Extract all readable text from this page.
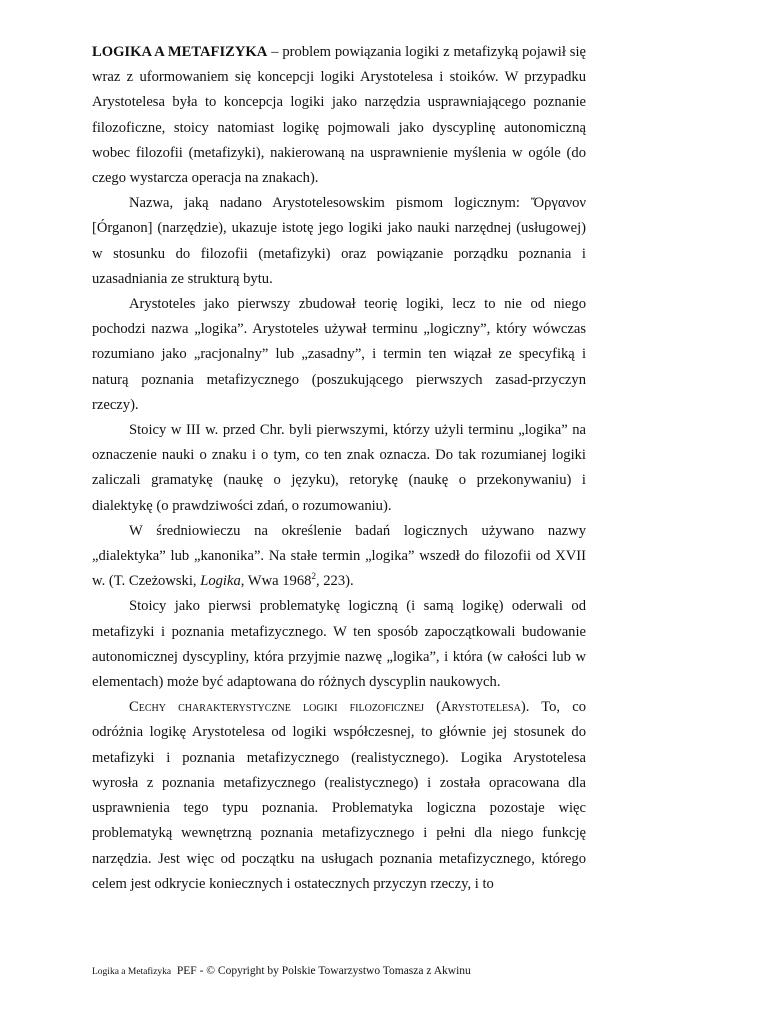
LOGIKA A METAFIZYKA – problem powiązania logiki z metafizyką pojawił się wraz z uformowaniem się koncepcji logiki Arystotelesa i stoików. W przypadku Arystotelesa była to koncepcja logiki jako narzędzia usprawniającego poznanie filozoficzne, stoicy natomiast logikę pojmowali jako dyscyplinę autonomiczną wobec filozofii (metafizyki), nakierowaną na usprawnienie myślenia w ogóle (do czego wystarcza operacja na znakach).

Nazwa, jaką nadano Arystotelesowskim pismom logicznym: Ὄργανον [Órganon] (narzędzie), ukazuje istotę jego logiki jako nauki narzędnej (usługowej) w stosunku do filozofii (metafizyki) oraz powiązanie porządku poznania i uzasadniania ze strukturą bytu.

Arystoteles jako pierwszy zbudował teorię logiki, lecz to nie od niego pochodzi nazwa „logika”. Arystoteles używał terminu „logiczny”, który wówczas rozumiano jako „racjonalny” lub „zasadny”, i termin ten wiązał ze specyfiką i naturą poznania metafizycznego (poszukującego pierwszych zasad-przyczyn rzeczy).

Stoicy w III w. przed Chr. byli pierwszymi, którzy użyli terminu „logika” na oznaczenie nauki o znaku i o tym, co ten znak oznacza. Do tak rozumianej logiki zaliczali gramatykę (naukę o języku), retorykę (naukę o przekonywaniu) i dialektykę (o prawdziwości zdań, o rozumowaniu).

W średniowieczu na określenie badań logicznych używano nazwy „dialektyka” lub „kanonika”. Na stałe termin „logika” wszedł do filozofii od XVII w. (T. Czeżowski, Logika, Wwa 1968$^2$, 223).

Stoicy jako pierwsi problematykę logiczną (i samą logikę) oderwali od metafizyki i poznania metafizycznego. W ten sposób zapoczątkowali budowanie autonomicznej dyscypliny, która przyjmie nazwę „logika”, i która (w całości lub w elementach) może być adaptowana do różnych dyscyplin naukowych.

Cechy charakterystyczne logiki filozoficznej (Arystotelesa). To, co odróżnia logikę Arystotelesa od logiki współczesnej, to głównie jej stosunek do metafizyki i poznania metafizycznego (realistycznego). Logika Arystotelesa wyrosła z poznania metafizycznego (realistycznego) i została opracowana dla usprawnienia tego typu poznania. Problematyka logiczna pozostaje więc problematyką wewnętrzną poznania metafizycznego i pełni dla niego funkcję narzędzia. Jest więc od początku na usługach poznania metafizycznego, którego celem jest odkrycie koniecznych i ostatecznych przyczyn rzeczy, i to

Logika a Metafizyka  PEF - © Copyright by Polskie Towarzystwo Tomasza z Akwinu
